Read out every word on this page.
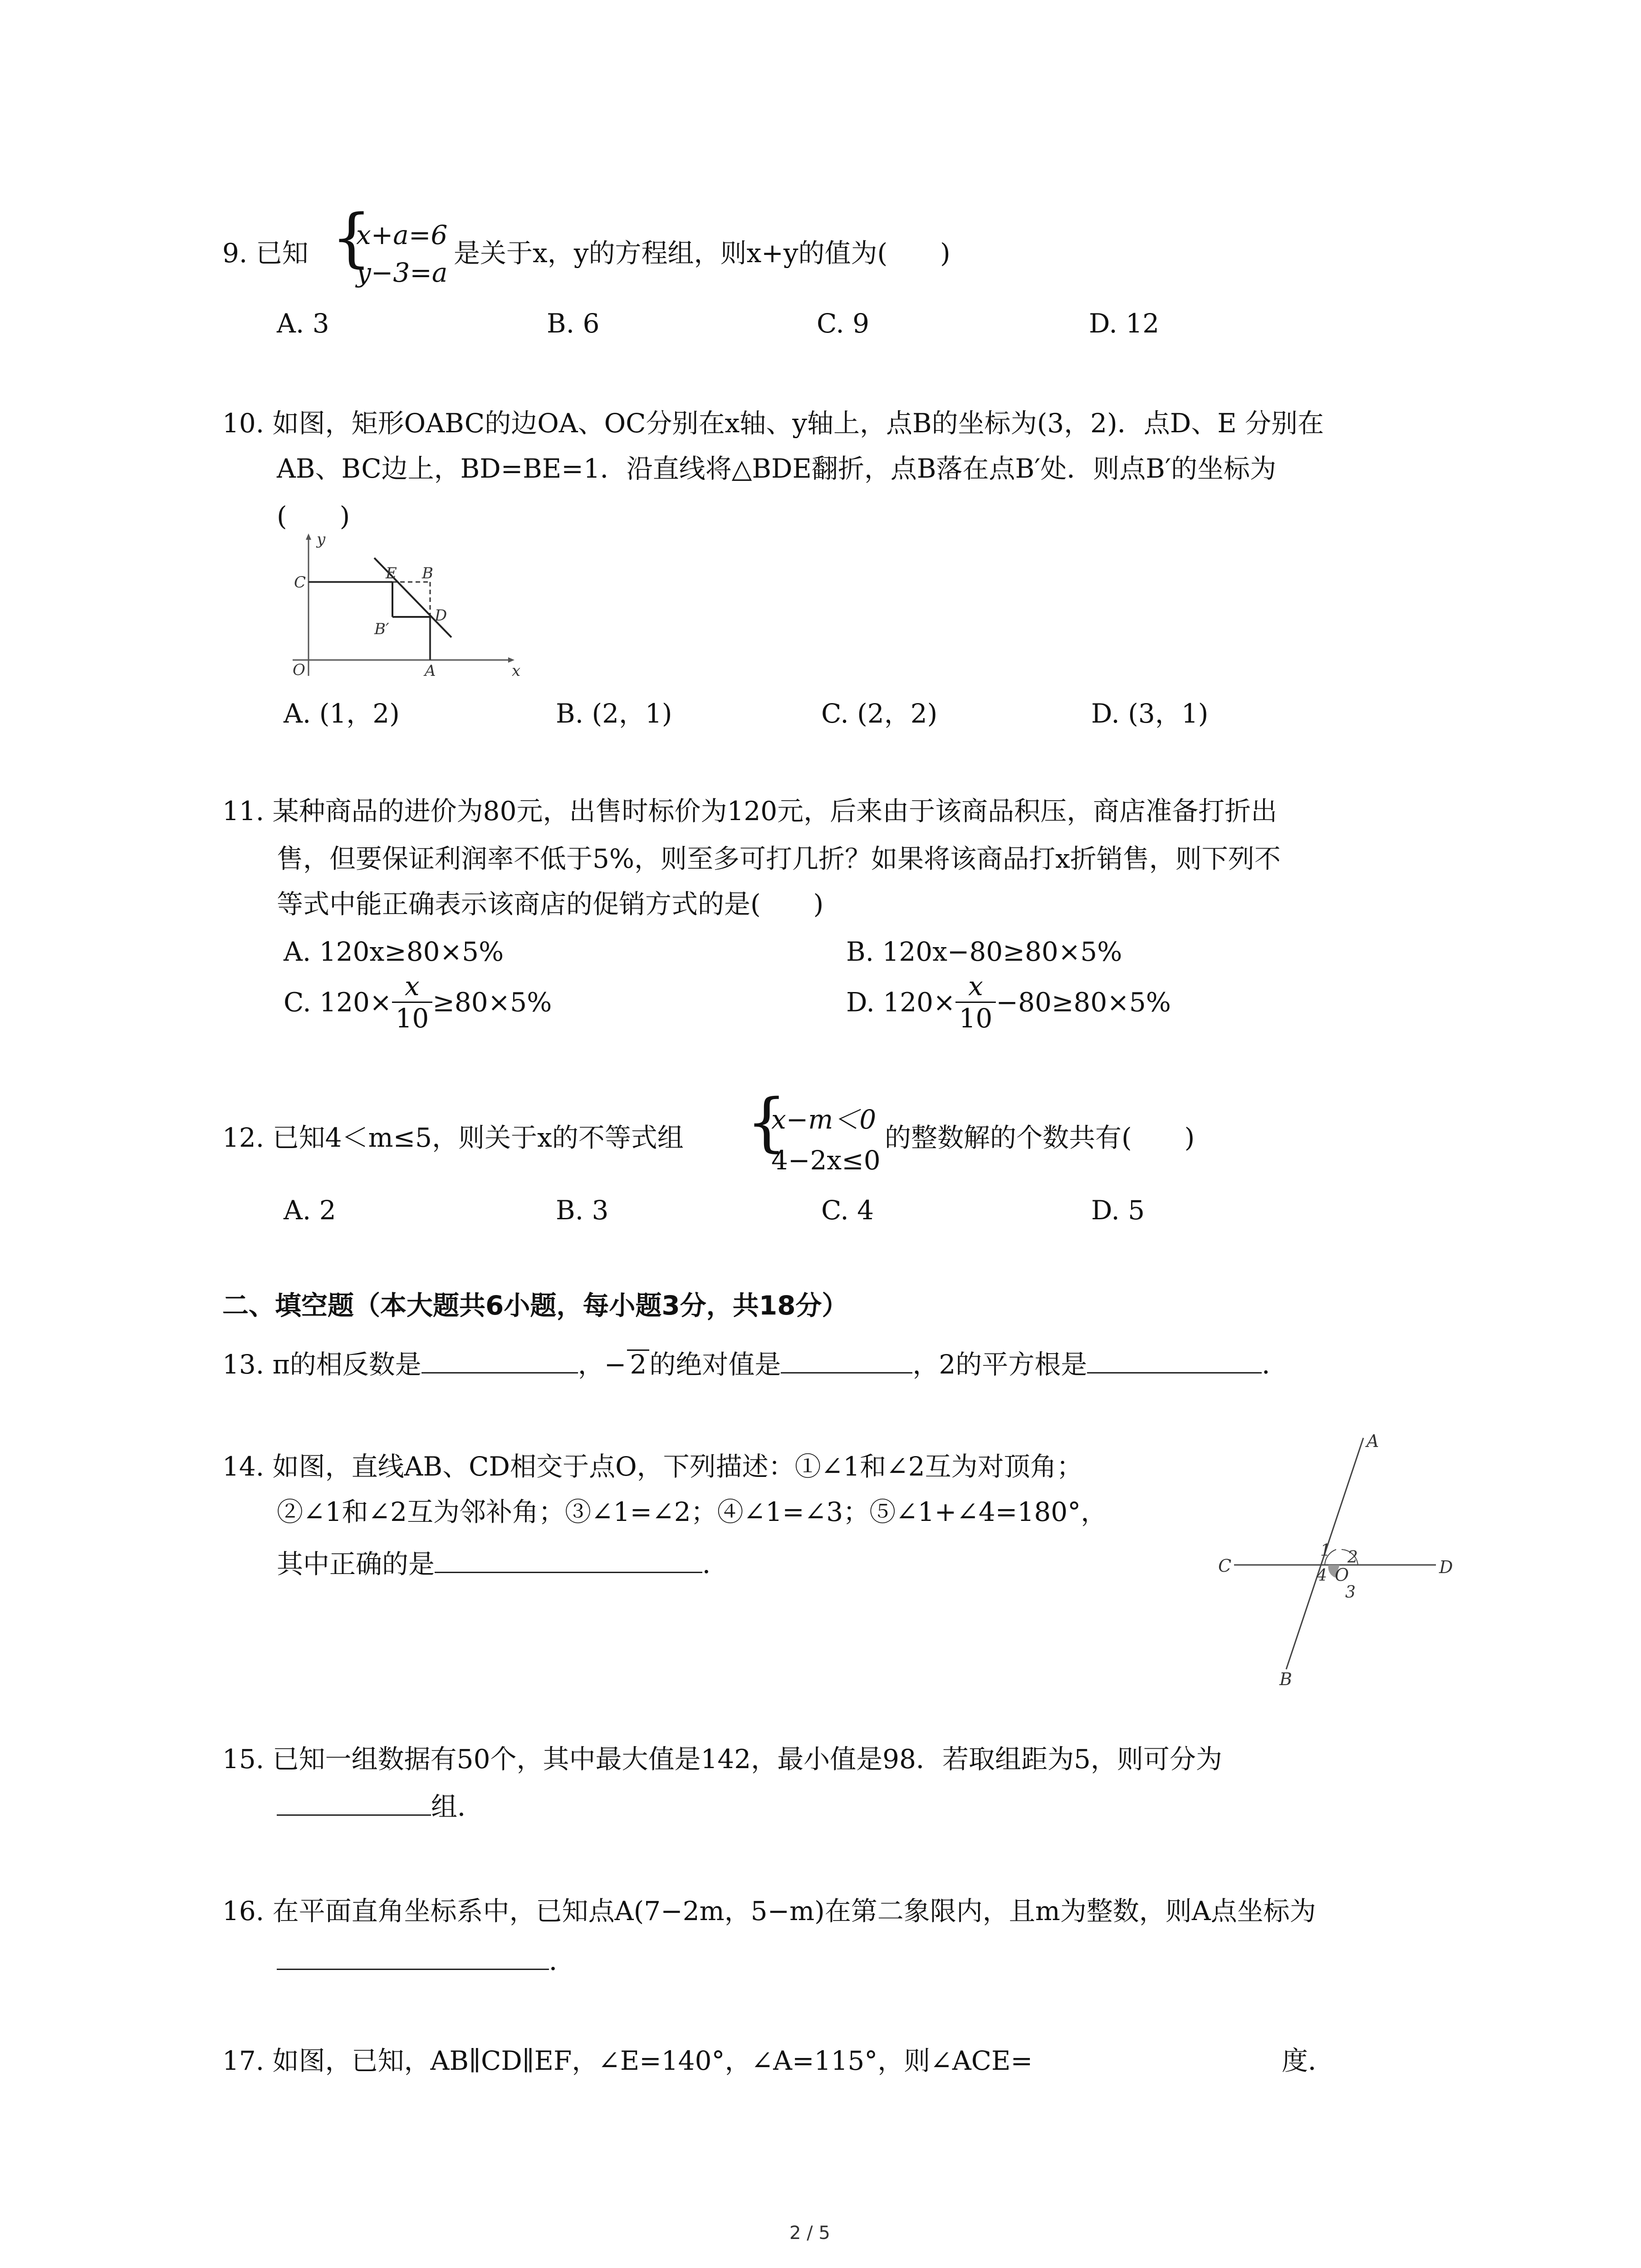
9. 已知 {
x+a=6
y−3=a
是关于x，y的方程组，则x+y的值为(　　)
A. 3	B. 6	C. 9	D. 12
10. 如图，矩形OABC的边OA、OC分别在x轴、y轴上，点B的坐标为(3，2)．点D、E 分别在
AB、BC边上，BD=BE=1．沿直线将△BDE翻折，点B落在点B′处．则点B′的坐标为
(　　)
y
C	E B
D
B′
O	A	x
A. (1，2)	B. (2，1)	C. (2，2)	D. (3，1)
11. 某种商品的进价为80元，出售时标价为120元，后来由于该商品积压，商店准备打折出
售，但要保证利润率不低于5%，则至多可打几折？如果将该商品打x折销售，则下列不
等式中能正确表示该商店的促销方式的是(　　)
A. 120x≥80×5%	B. 120x−80≥80×5%
C. $120\times \frac{x}{10} \ge 80\times 5\%$	D. $120\times \frac{x}{10} -80\ge 80\times 5\%$
12. 已知4＜m≤5，则关于x的不等式组 {
x−m＜0
4−2x≤0
的整数解的个数共有(　　)
A. 2	B. 3	C. 4	D. 5
二、填空题（本大题共6小题，每小题3分，共18分）
13. π的相反数是	，− 2 的绝对值是	，2的平方根是	．
14. 如图，直线AB、CD相交于点O，下列描述：①∠1和∠2互为对顶角；
②∠1和∠2互为邻补角；③∠1=∠2；④∠1=∠3；⑤∠1+∠4=180°，
其中正确的是	．
A
1 2
C	D
4 O
3
B
15. 已知一组数据有50个，其中最大值是142，最小值是98．若取组距为5，则可分为
组．
16. 在平面直角坐标系中，已知点A(7−2m，5−m)在第二象限内，且m为整数，则A点坐标为
．
17. 如图，已知，AB∥CD∥EF，∠E=140°，∠A=115°，则∠ACE=	度．
2 / 5
